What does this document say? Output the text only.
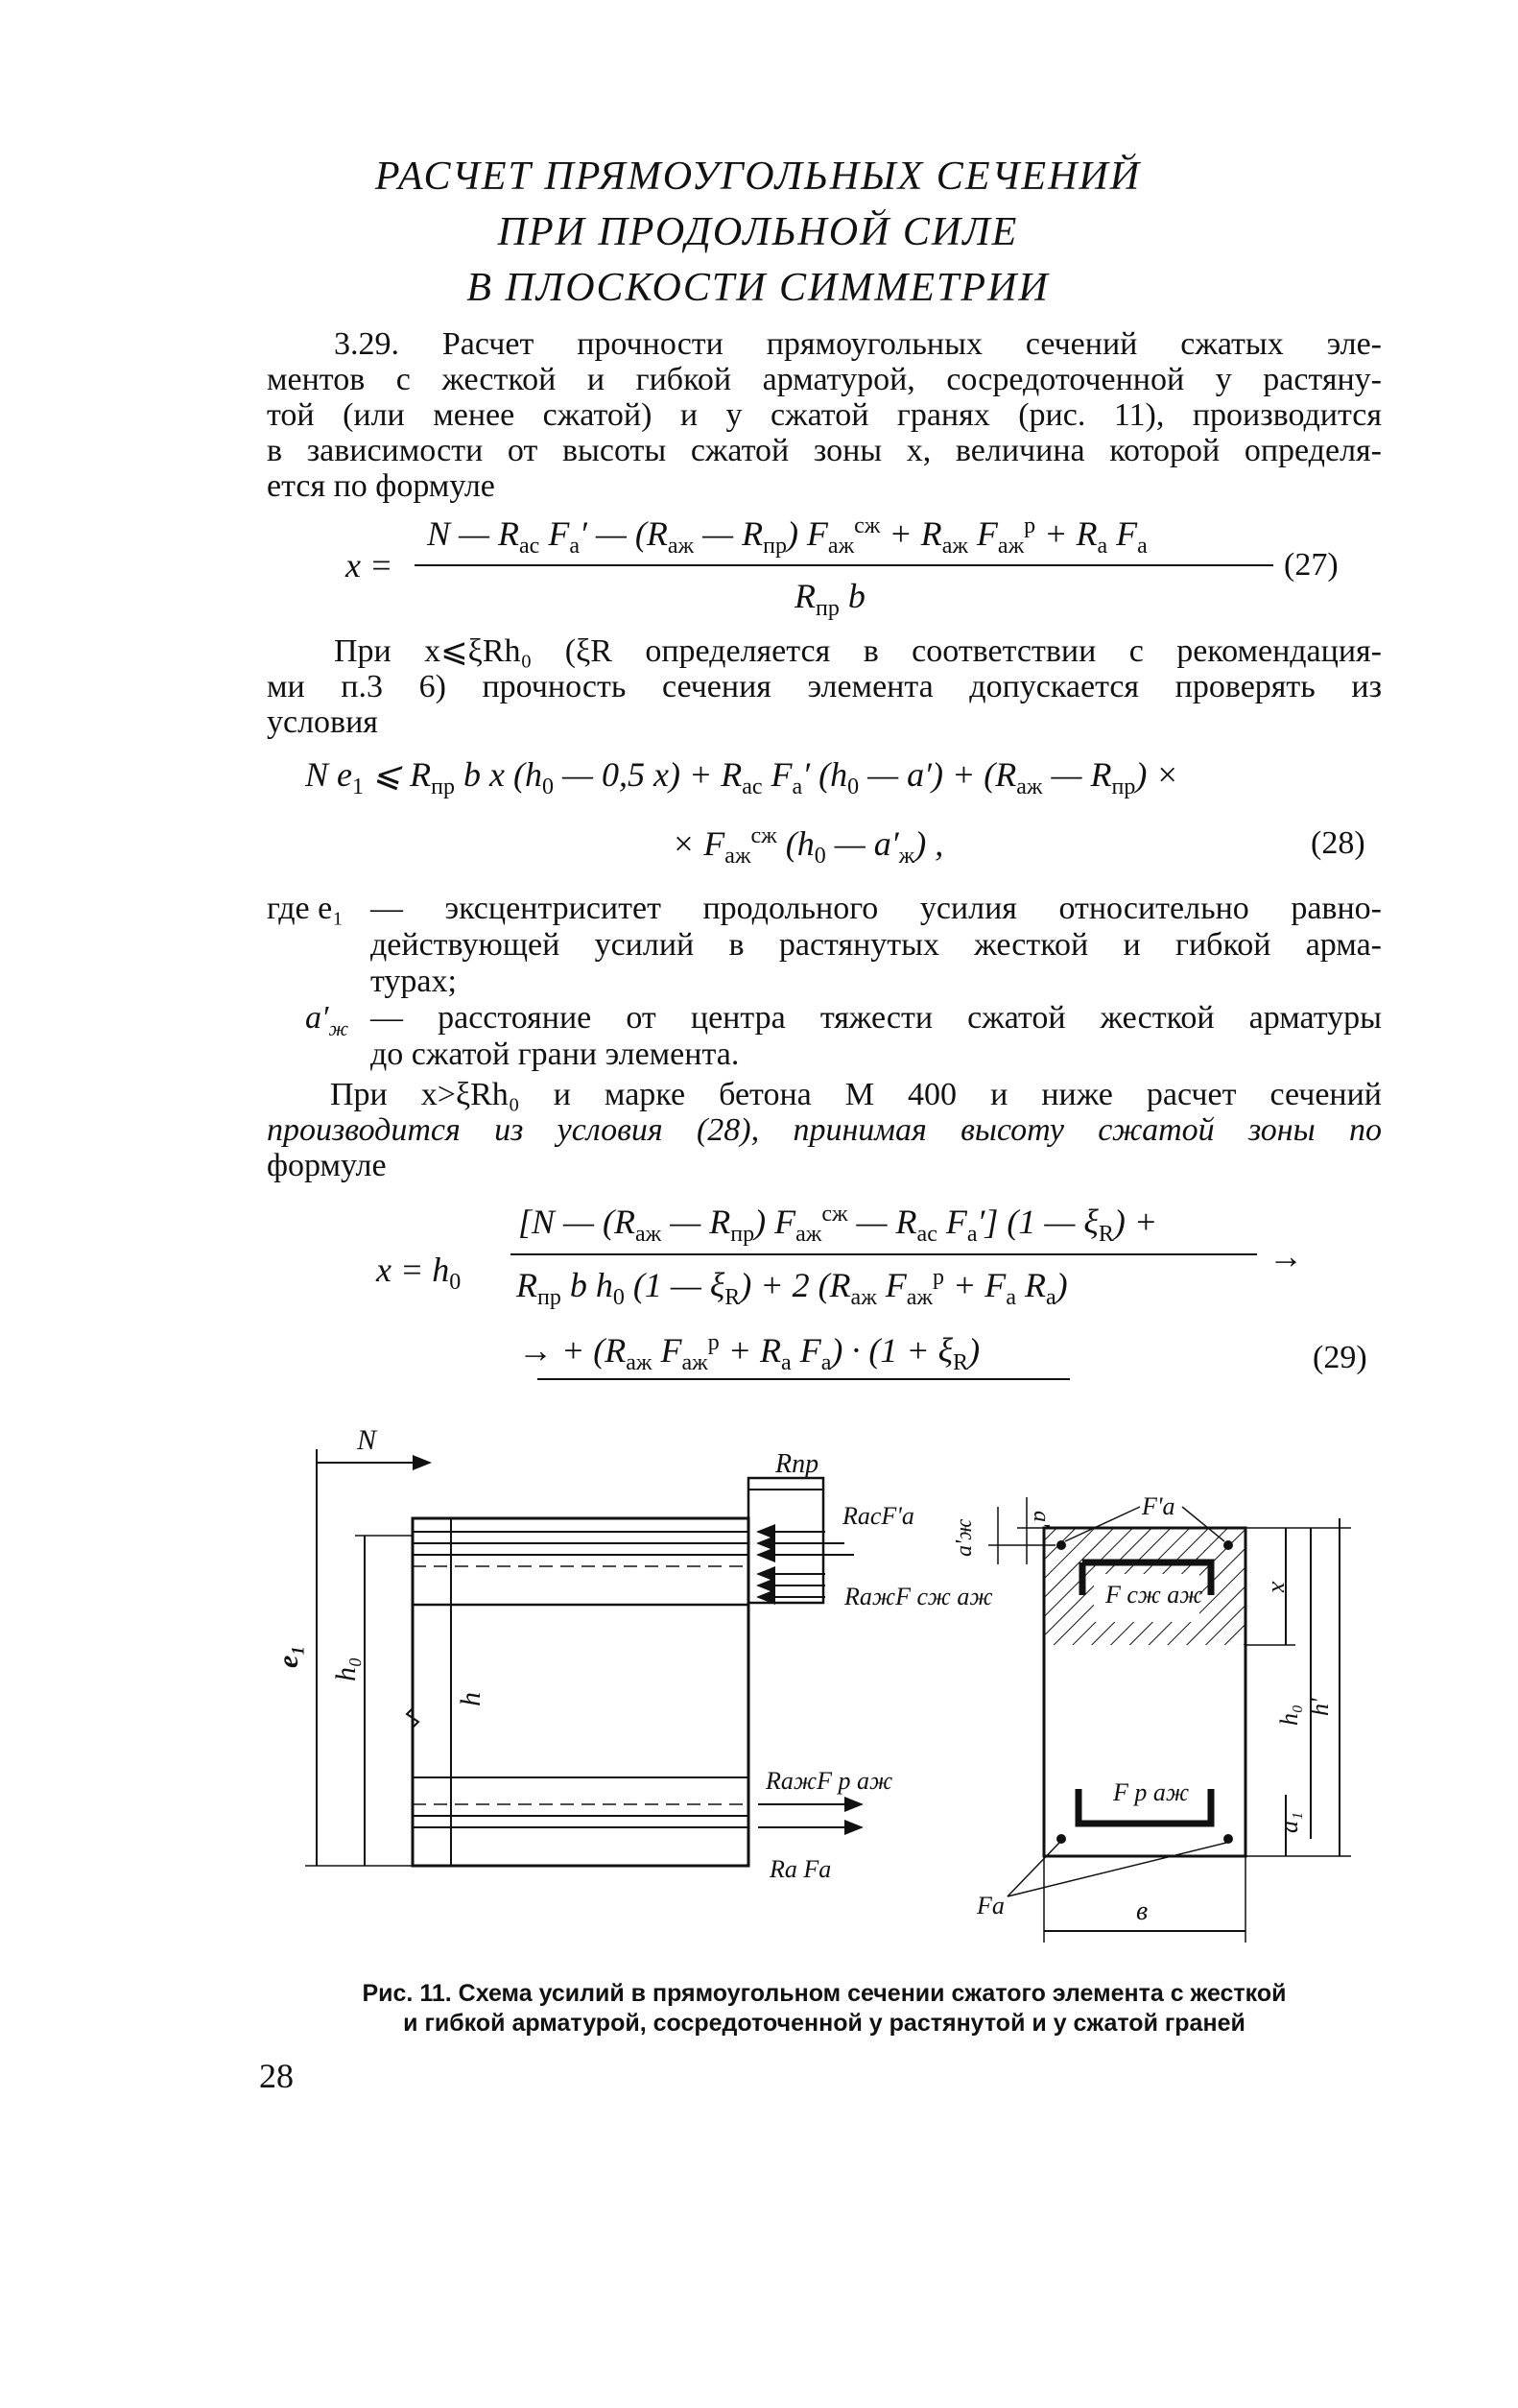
РАСЧЕТ ПРЯМОУГОЛЬНЫХ СЕЧЕНИЙ
ПРИ ПРОДОЛЬНОЙ СИЛЕ
В ПЛОСКОСТИ СИММЕТРИИ
3.29. Расчет прочности прямоугольных сечений сжатых эле-
ментов с жесткой и гибкой арматурой, сосредоточенной у растяну-
той (или менее сжатой) и у сжатой гранях (рис. 11), производится
в зависимости от высоты сжатой зоны x, величина которой определя-
ется по формуле
x =
N — $R_{ac}$ $F_a'$ — ($R_{аж}$ — $R_{пр}$) $F_{аж}^{сж} + R_{аж}$ $F_{аж}^р + R_a$ $F_a$
$R_{пр}$ b
(27)
При x⩽ξRh₀ (ξR определяется в соответствии с рекомендация-
ми п.3 6) прочность сечения элемента допускается проверять из
условия
N $e_1$ ⩽ $R_{пр}$ b x ($h_0$ — 0,5 $x) + R_{ac}$ $F_a'$ ($h_0$ — $a') + (R_{аж}$ — $R_{пр}$) ×
× $F_{аж}^{сж}$ ($h_0$ — $a'_ж$) ,	(28)
где e₁ — эксцентриситет продольного усилия относительно равно-
действующей усилий в растянутых жесткой и гибкой арма-
турах;
$a'_ж$ — расстояние от центра тяжести сжатой жесткой арматуры
до сжатой грани элемента.
При x>ξRh₀ и марке бетона М 400 и ниже расчет сечений
производится из условия (28), принимая высоту сжатой зоны по
формуле
$x = h_0$
[N — ($R_{аж}$ — $R_{пр}$) $F_{аж}^{сж}$ — $R_{ac}$ $F_a'$] (1 — $\xi_R$) +
→
$R_{пр}$ b $h_0$ (1 — $\xi_R) + 2$ ($R_{аж}$ $F_{аж}^р + F_a$ $R_a$)
→ + ($R_{аж}$ $F_{аж}^р + R_a$ $F_a) \cdot (1 + \xi_R)$	(29)
N
e₁
h₀
h
Rпр
RacF'a
RажF сж аж
RажF р аж
Ra Fa
F сж аж
F р аж
F'a
Fa	в
x
h₀ h'
a₁
a'
a'ж
Рис. 11. Схема усилий в прямоугольном сечении сжатого элемента с жесткой
и гибкой арматурой, сосредоточенной у растянутой и у сжатой граней
28
